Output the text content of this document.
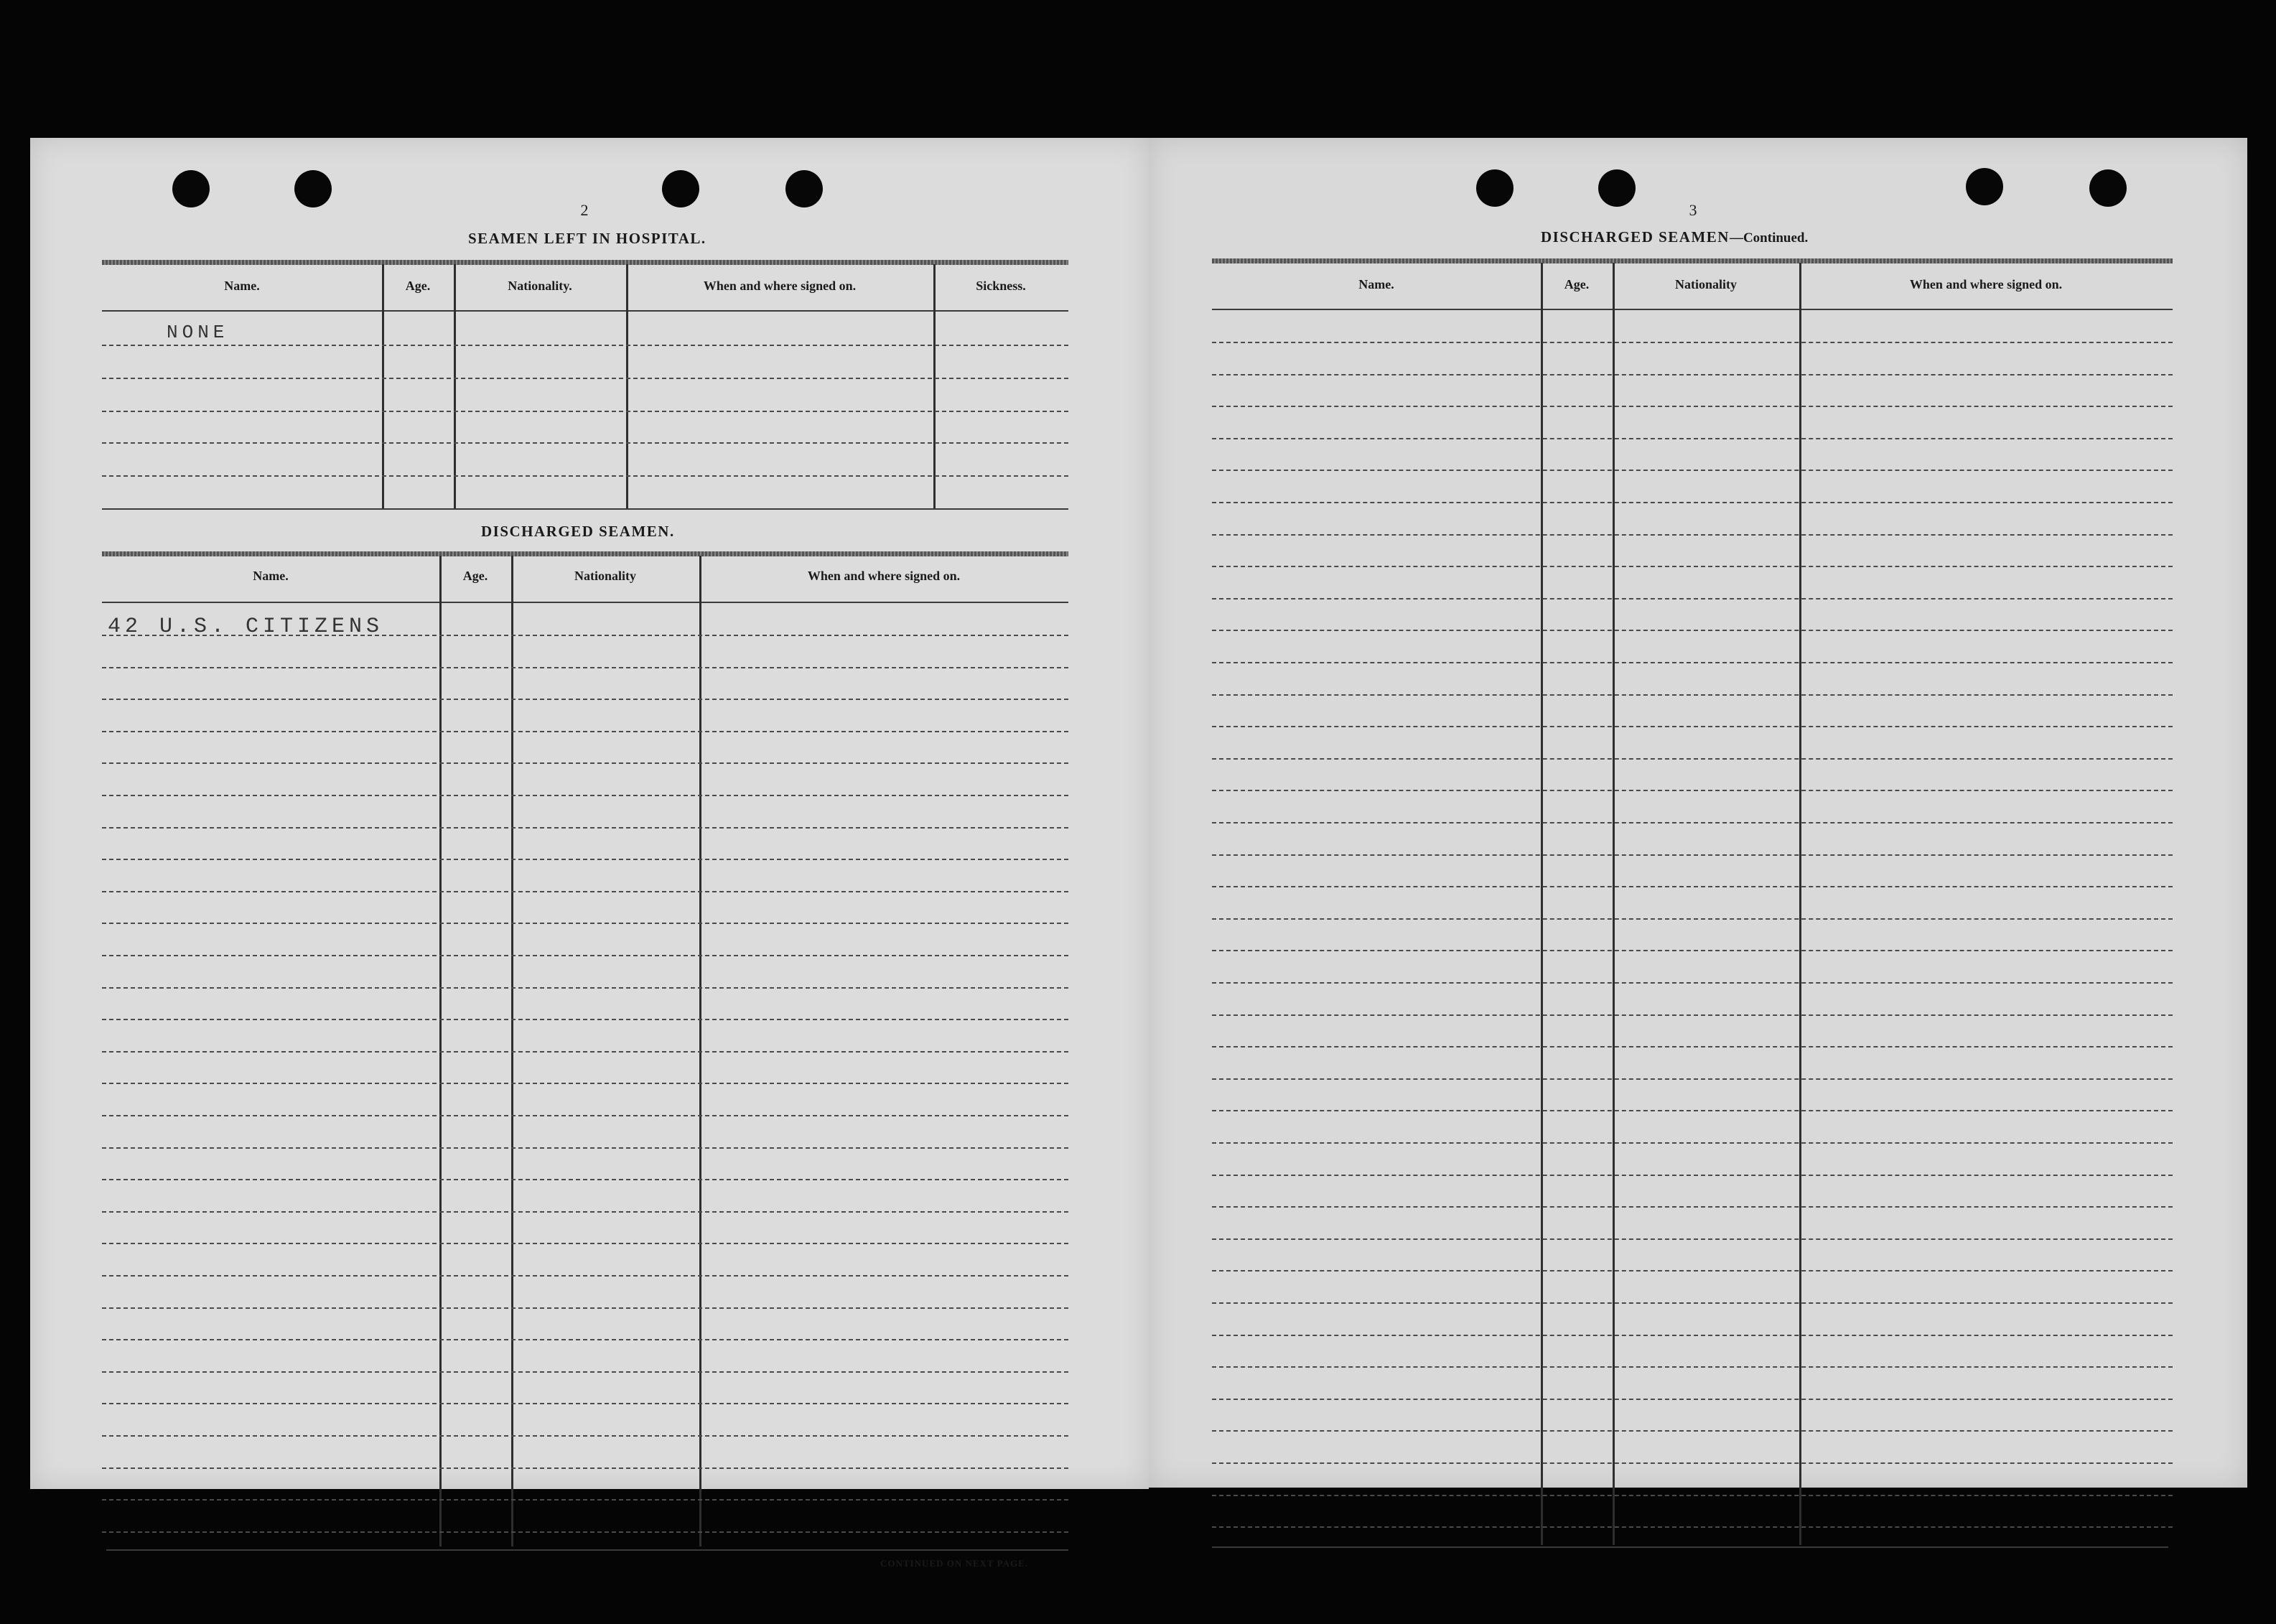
2
SEAMEN LEFT IN HOSPITAL.
Name.	Age.	Nationality.	When and where signed on.	Sickness.
NONE
DISCHARGED SEAMEN.
Name.	Age.	Nationality	When and where signed on.
42 U.S. CITIZENS
CONTINUED ON NEXT PAGE.
3
DISCHARGED SEAMEN—Continued.
Name.	Age.	Nationality	When and where signed on.
